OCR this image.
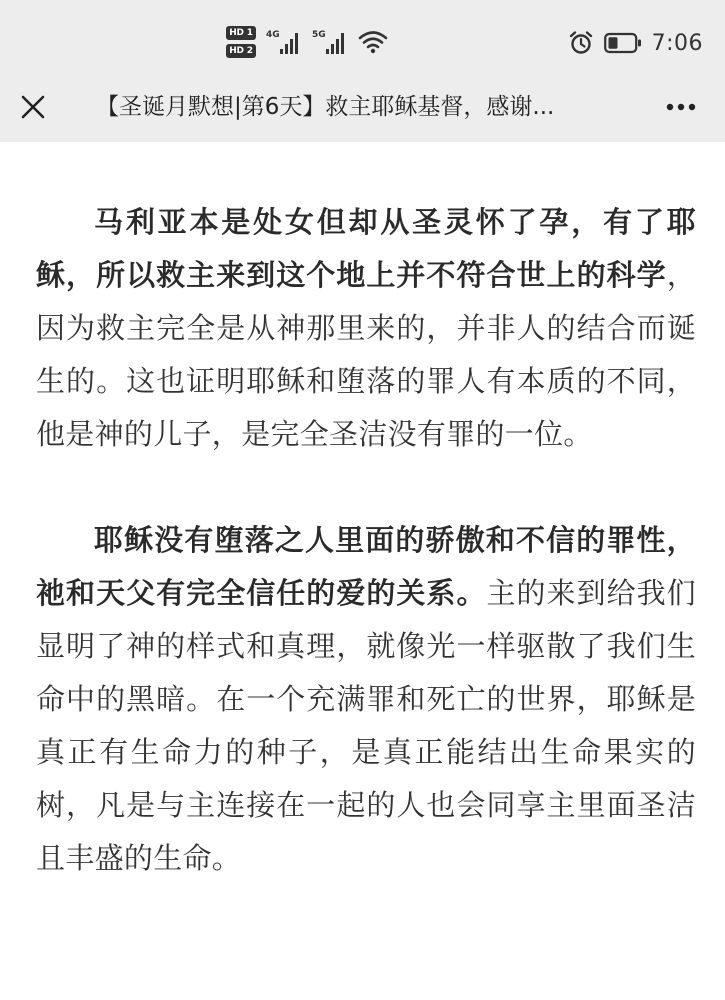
HD 1
HD 2
4G	5G	7:06
【圣诞月默想|第6天】救主耶稣基督，感谢...

马利亚本是处女但却从圣灵怀了孕，有了耶稣，所以救主来到这个地上并不符合世上的科学，因为救主完全是从神那里来的，并非人的结合而诞生的。这也证明耶稣和堕落的罪人有本质的不同，他是神的儿子，是完全圣洁没有罪的一位。

耶稣没有堕落之人里面的骄傲和不信的罪性，祂和天父有完全信任的爱的关系。主的来到给我们显明了神的样式和真理，就像光一样驱散了我们生命中的黑暗。在一个充满罪和死亡的世界，耶稣是真正有生命力的种子，是真正能结出生命果实的树，凡是与主连接在一起的人也会同享主里面圣洁且丰盛的生命。
